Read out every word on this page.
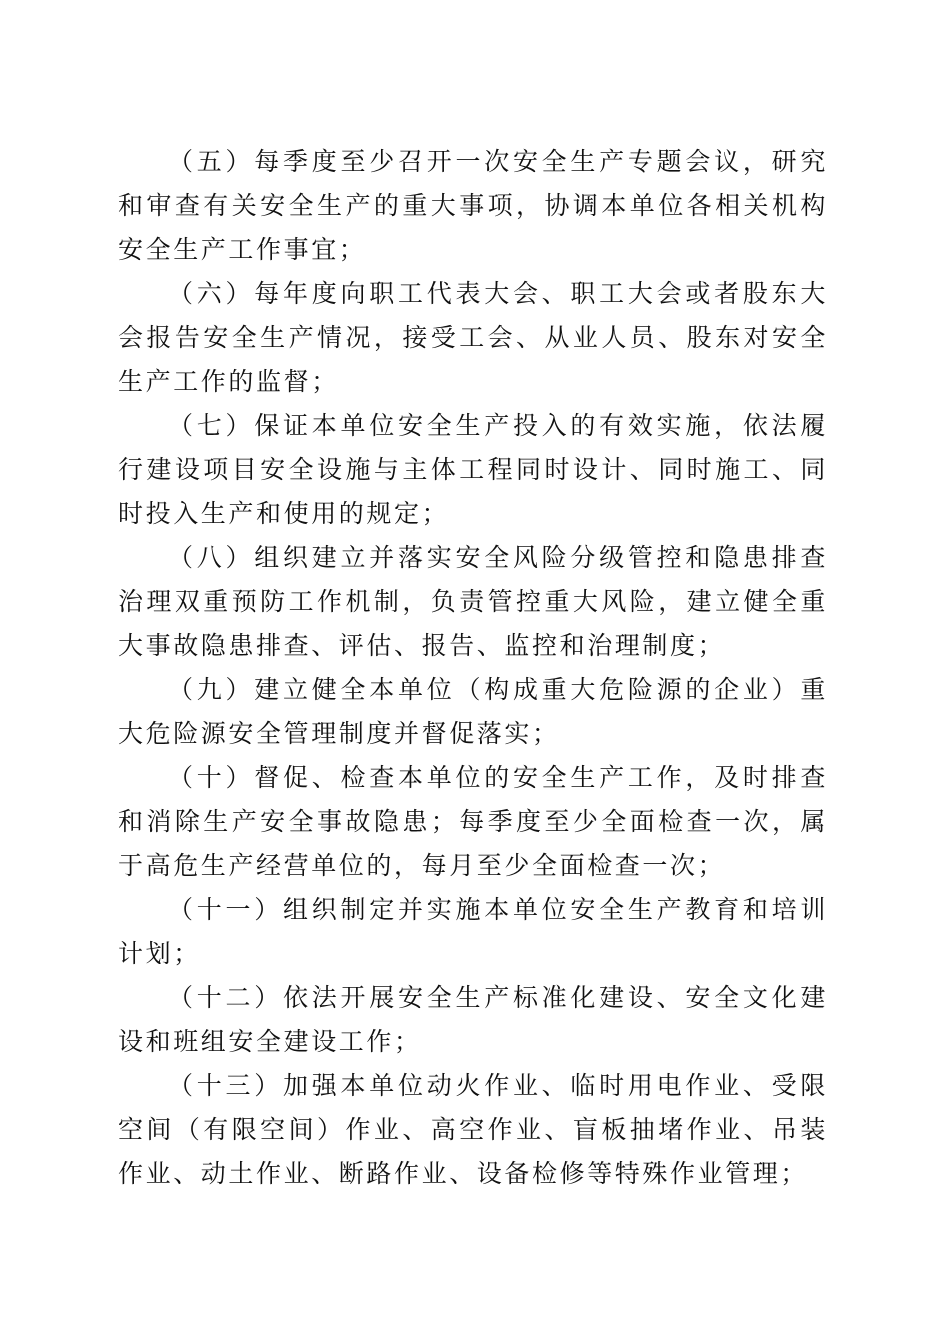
（五）每季度至少召开一次安全生产专题会议，研究和审查有关安全生产的重大事项，协调本单位各相关机构安全生产工作事宜；

（六）每年度向职工代表大会、职工大会或者股东大会报告安全生产情况，接受工会、从业人员、股东对安全生产工作的监督；

（七）保证本单位安全生产投入的有效实施，依法履行建设项目安全设施与主体工程同时设计、同时施工、同时投入生产和使用的规定；

（八）组织建立并落实安全风险分级管控和隐患排查治理双重预防工作机制，负责管控重大风险，建立健全重大事故隐患排查、评估、报告、监控和治理制度；

（九）建立健全本单位（构成重大危险源的企业）重大危险源安全管理制度并督促落实；

（十）督促、检查本单位的安全生产工作，及时排查和消除生产安全事故隐患；每季度至少全面检查一次，属于高危生产经营单位的，每月至少全面检查一次；

（十一）组织制定并实施本单位安全生产教育和培训计划；

（十二）依法开展安全生产标准化建设、安全文化建设和班组安全建设工作；

（十三）加强本单位动火作业、临时用电作业、受限空间（有限空间）作业、高空作业、盲板抽堵作业、吊装作业、动土作业、断路作业、设备检修等特殊作业管理；
